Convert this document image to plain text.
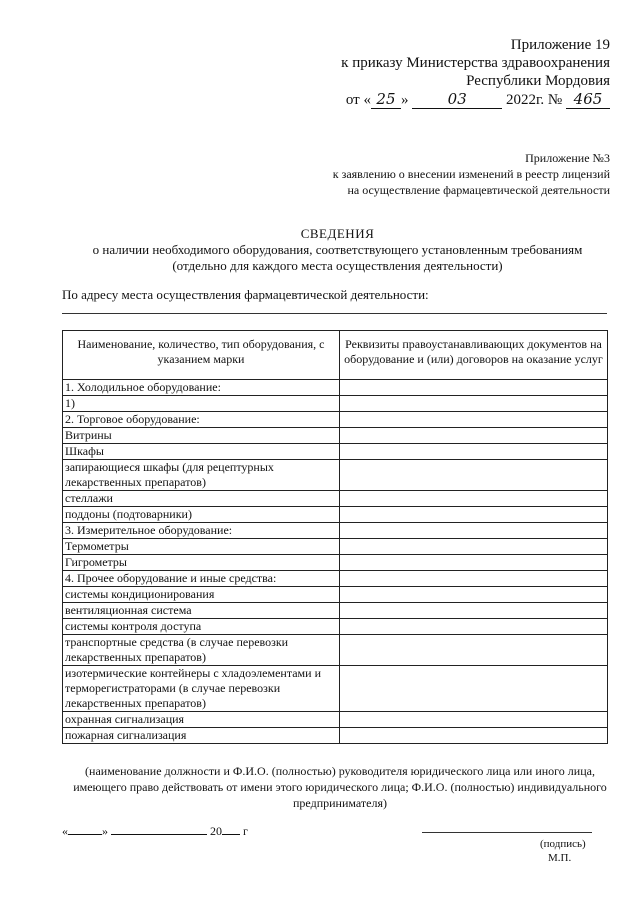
Приложение 19
к приказу Министерства здравоохранения
Республики Мордовия
от « 25 »	03	2022г. № 465
Приложение №3
к заявлению о внесении изменений в реестр лицензий
на осуществление фармацевтической деятельности
СВЕДЕНИЯ
о наличии необходимого оборудования, соответствующего установленным требованиям
(отдельно для каждого места осуществления деятельности)
По адресу места осуществления фармацевтической деятельности:
Наименование, количество, тип оборудования, с указанием марки	Реквизиты правоустанавливающих документов на оборудование и (или) договоров на оказание услуг
1. Холодильное оборудование:	
1)	
2. Торговое оборудование:	
Витрины	
Шкафы	
запирающиеся шкафы (для рецептурных лекарственных препаратов)	
стеллажи	
поддоны (подтоварники)	
3. Измерительное оборудование:	
Термометры	
Гигрометры	
4. Прочее оборудование и иные средства:	
системы кондиционирования	
вентиляционная система	
системы контроля доступа	
транспортные средства (в случае перевозки лекарственных препаратов)	
изотермические контейнеры с хладоэлементами и терморегистраторами (в случае перевозки лекарственных препаратов)	
охранная сигнализация	
пожарная сигнализация	
(наименование должности и Ф.И.О. (полностью) руководителя юридического лица или иного лица, имеющего право действовать от имени этого юридического лица; Ф.И.О. (полностью) индивидуального предпринимателя)
«	»	20 г
(подпись)
М.П.
